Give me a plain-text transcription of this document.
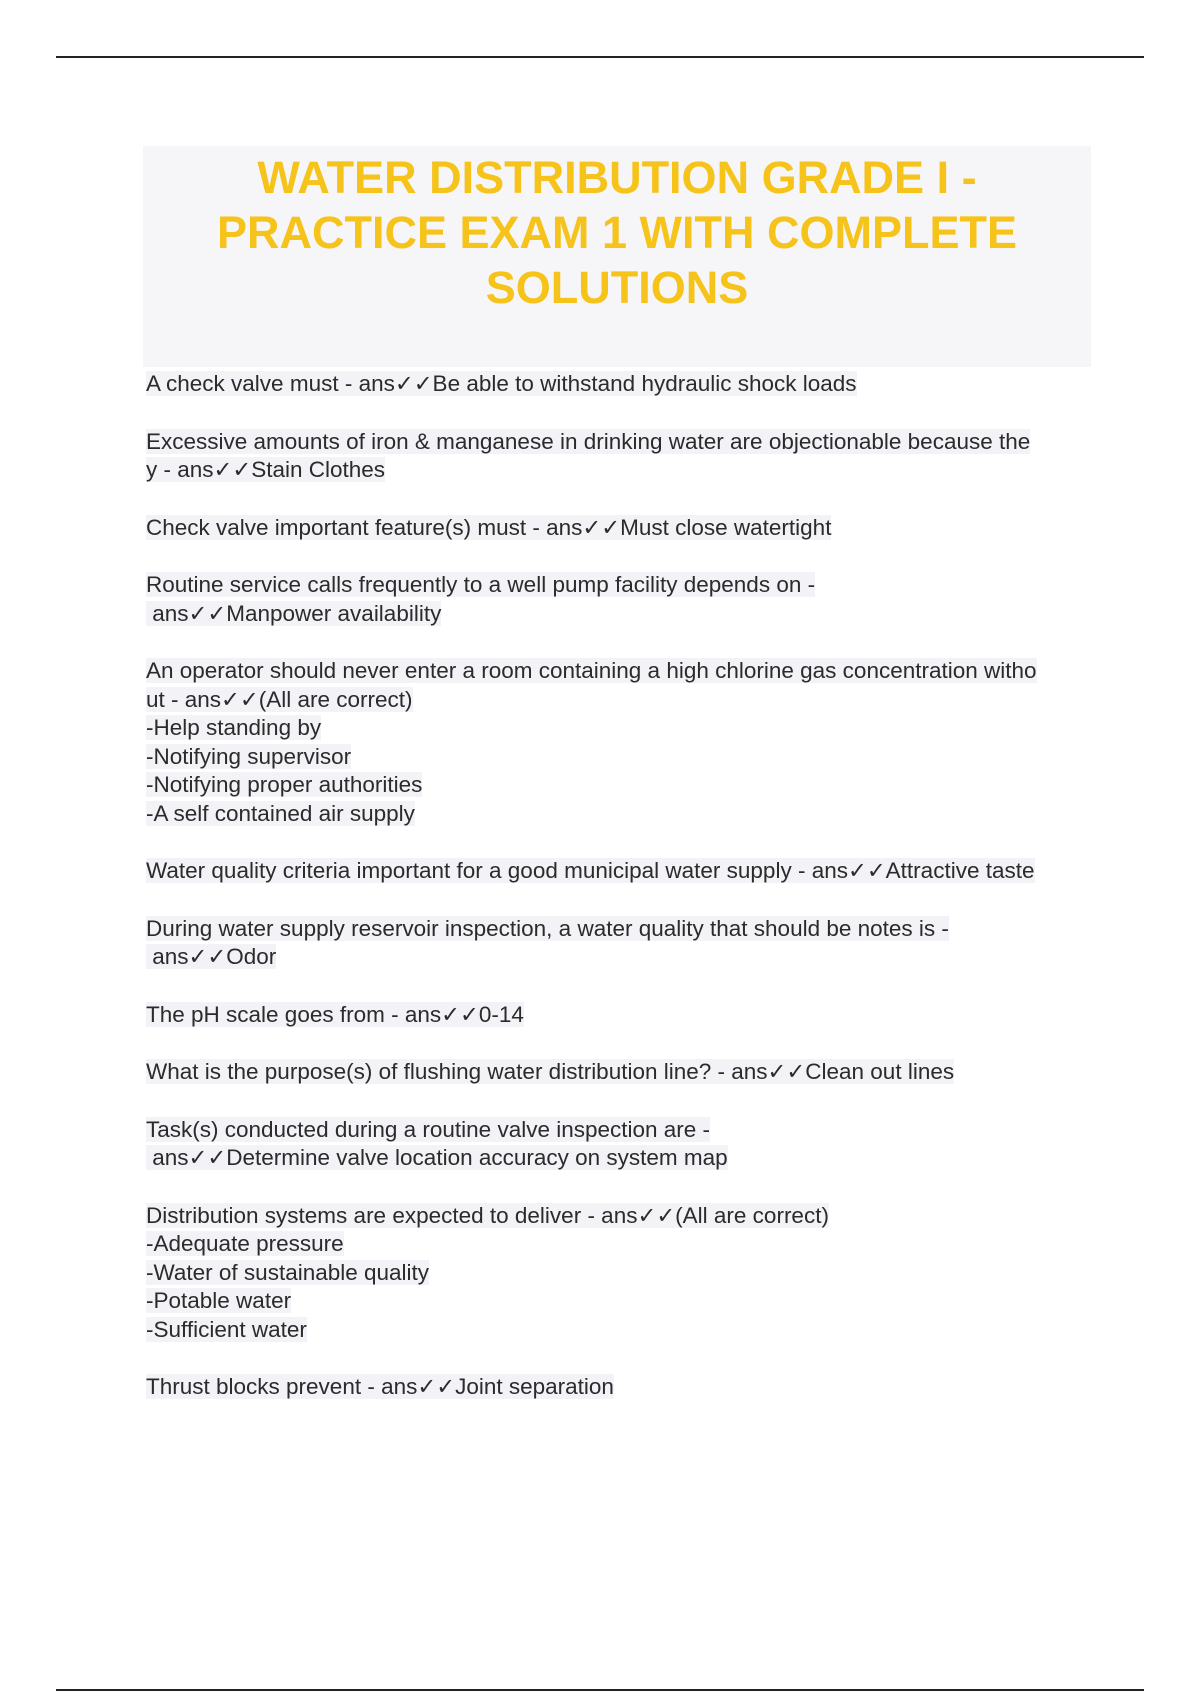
WATER DISTRIBUTION GRADE I -
PRACTICE EXAM 1 WITH COMPLETE
SOLUTIONS
A check valve must - ans✓✓Be able to withstand hydraulic shock loads
Excessive amounts of iron & manganese in drinking water are objectionable because the
y - ans✓✓Stain Clothes
Check valve important feature(s) must - ans✓✓Must close watertight
Routine service calls frequently to a well pump facility depends on -
ans✓✓Manpower availability
An operator should never enter a room containing a high chlorine gas concentration witho
ut - ans✓✓(All are correct)
-Help standing by
-Notifying supervisor
-Notifying proper authorities
-A self contained air supply
Water quality criteria important for a good municipal water supply - ans✓✓Attractive taste
During water supply reservoir inspection, a water quality that should be notes is -
ans✓✓Odor
The pH scale goes from - ans✓✓0-14
What is the purpose(s) of flushing water distribution line? - ans✓✓Clean out lines
Task(s) conducted during a routine valve inspection are -
ans✓✓Determine valve location accuracy on system map
Distribution systems are expected to deliver - ans✓✓(All are correct)
-Adequate pressure
-Water of sustainable quality
-Potable water
-Sufficient water
Thrust blocks prevent - ans✓✓Joint separation
